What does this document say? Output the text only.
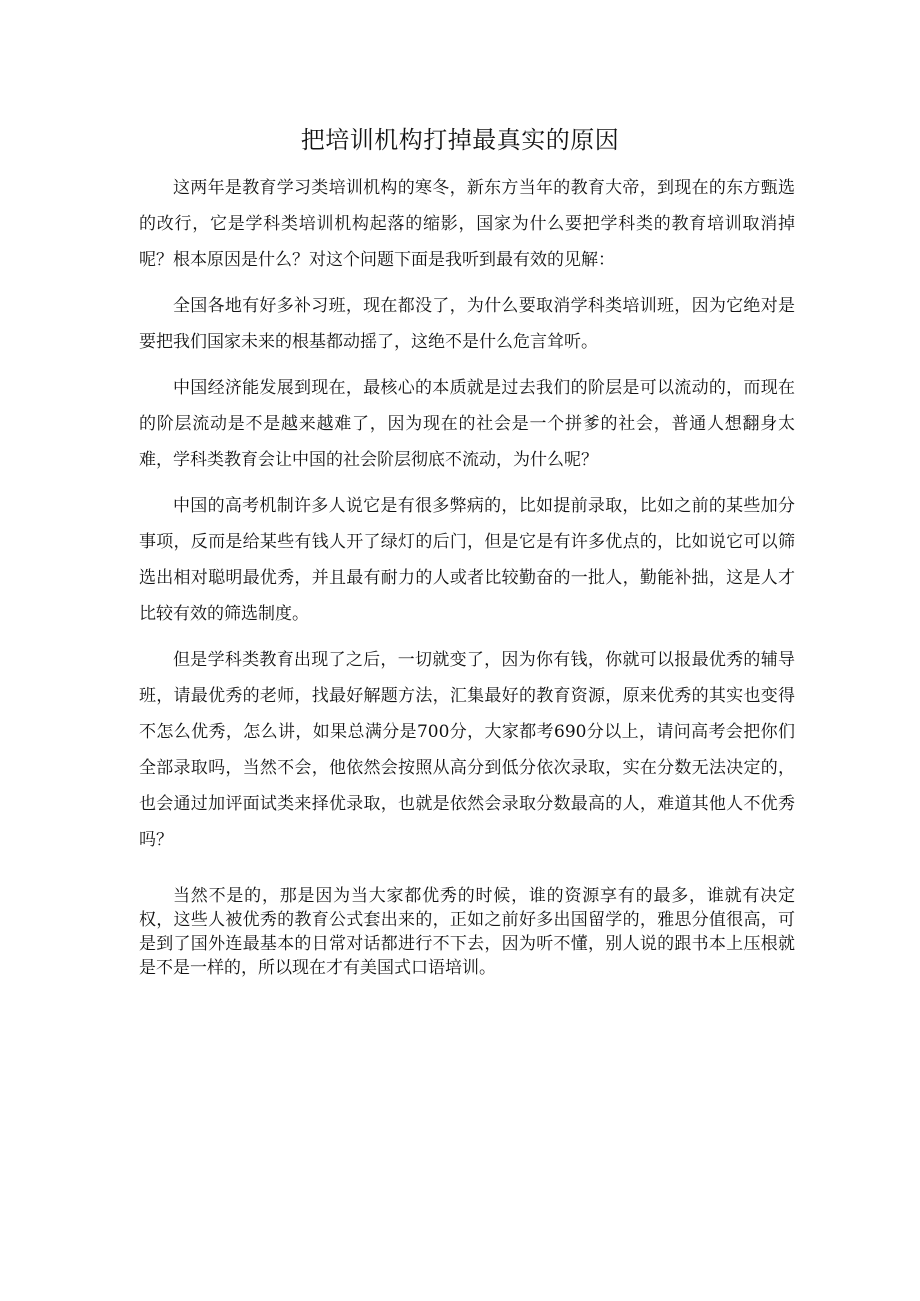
把培训机构打掉最真实的原因

这两年是教育学习类培训机构的寒冬，新东方当年的教育大帝，到现在的东方甄选的改行，它是学科类培训机构起落的缩影，国家为什么要把学科类的教育培训取消掉呢？根本原因是什么？对这个问题下面是我听到最有效的见解：

全国各地有好多补习班，现在都没了，为什么要取消学科类培训班，因为它绝对是要把我们国家未来的根基都动摇了，这绝不是什么危言耸听。

中国经济能发展到现在，最核心的本质就是过去我们的阶层是可以流动的，而现在的阶层流动是不是越来越难了，因为现在的社会是一个拼爹的社会，普通人想翻身太难，学科类教育会让中国的社会阶层彻底不流动，为什么呢？

中国的高考机制许多人说它是有很多弊病的，比如提前录取，比如之前的某些加分事项，反而是给某些有钱人开了绿灯的后门，但是它是有许多优点的，比如说它可以筛选出相对聪明最优秀，并且最有耐力的人或者比较勤奋的一批人，勤能补拙，这是人才比较有效的筛选制度。

但是学科类教育出现了之后，一切就变了，因为你有钱，你就可以报最优秀的辅导班，请最优秀的老师，找最好解题方法，汇集最好的教育资源，原来优秀的其实也变得不怎么优秀，怎么讲，如果总满分是700分，大家都考690分以上，请问高考会把你们全部录取吗，当然不会，他依然会按照从高分到低分依次录取，实在分数无法决定的，也会通过加评面试类来择优录取，也就是依然会录取分数最高的人，难道其他人不优秀吗？

当然不是的，那是因为当大家都优秀的时候，谁的资源享有的最多，谁就有决定权，这些人被优秀的教育公式套出来的，正如之前好多出国留学的，雅思分值很高，可是到了国外连最基本的日常对话都进行不下去，因为听不懂，别人说的跟书本上压根就是不是一样的，所以现在才有美国式口语培训。
